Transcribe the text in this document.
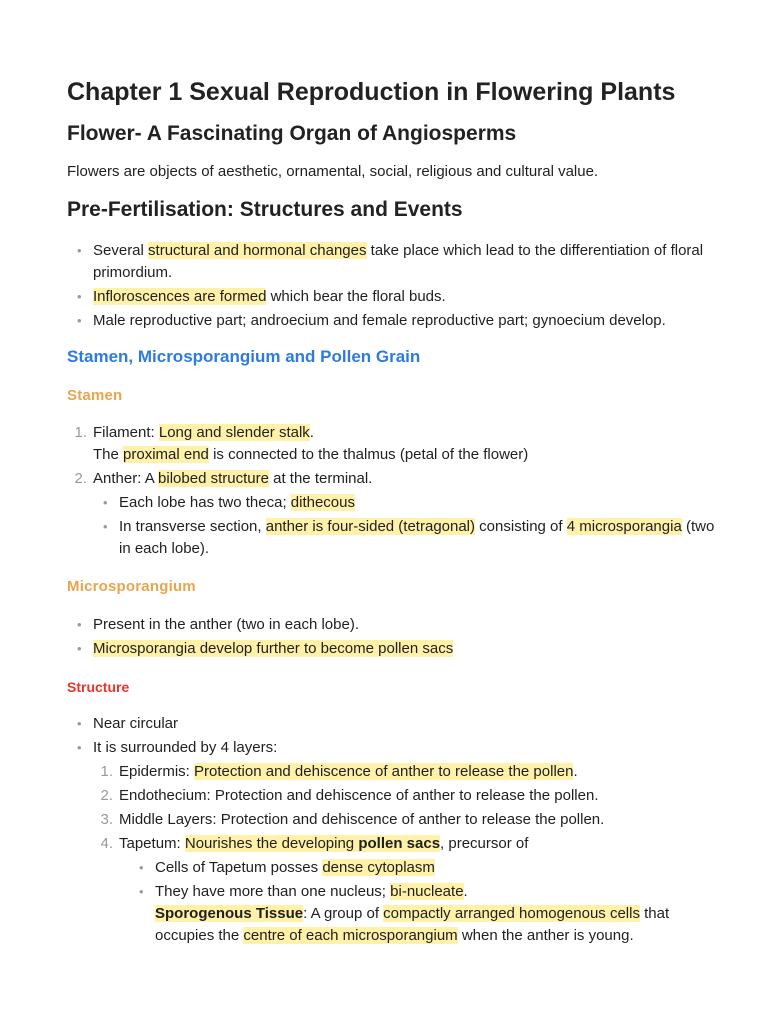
Chapter 1 Sexual Reproduction in Flowering Plants
Flower- A Fascinating Organ of Angiosperms

Flowers are objects of aesthetic, ornamental, social, religious and cultural value.

Pre-Fertilisation: Structures and Events
• Several structural and hormonal changes take place which lead to the differentiation of floral primordium.
• Infloroscences are formed which bear the floral buds.
• Male reproductive part; androecium and female reproductive part; gynoecium develop.
Stamen, Microsporangium and Pollen Grain
Stamen
1. Filament: Long and slender stalk.
The proximal end is connected to the thalmus (petal of the flower)
2. Anther: A bilobed structure at the terminal.
• Each lobe has two theca; dithecous
• In transverse section, anther is four-sided (tetragonal) consisting of 4 microsporangia (two in each lobe).
Microsporangium
• Present in the anther (two in each lobe).
• Microsporangia develop further to become pollen sacs
Structure
• Near circular
• It is surrounded by 4 layers:
1. Epidermis: Protection and dehiscence of anther to release the pollen.
2. Endothecium: Protection and dehiscence of anther to release the pollen.
3. Middle Layers: Protection and dehiscence of anther to release the pollen.
4. Tapetum: Nourishes the developing pollen sacs, precursor of
• Cells of Tapetum posses dense cytoplasm
• They have more than one nucleus; bi-nucleate.
Sporogenous Tissue: A group of compactly arranged homogenous cells that occupies the centre of each microsporangium when the anther is young.
